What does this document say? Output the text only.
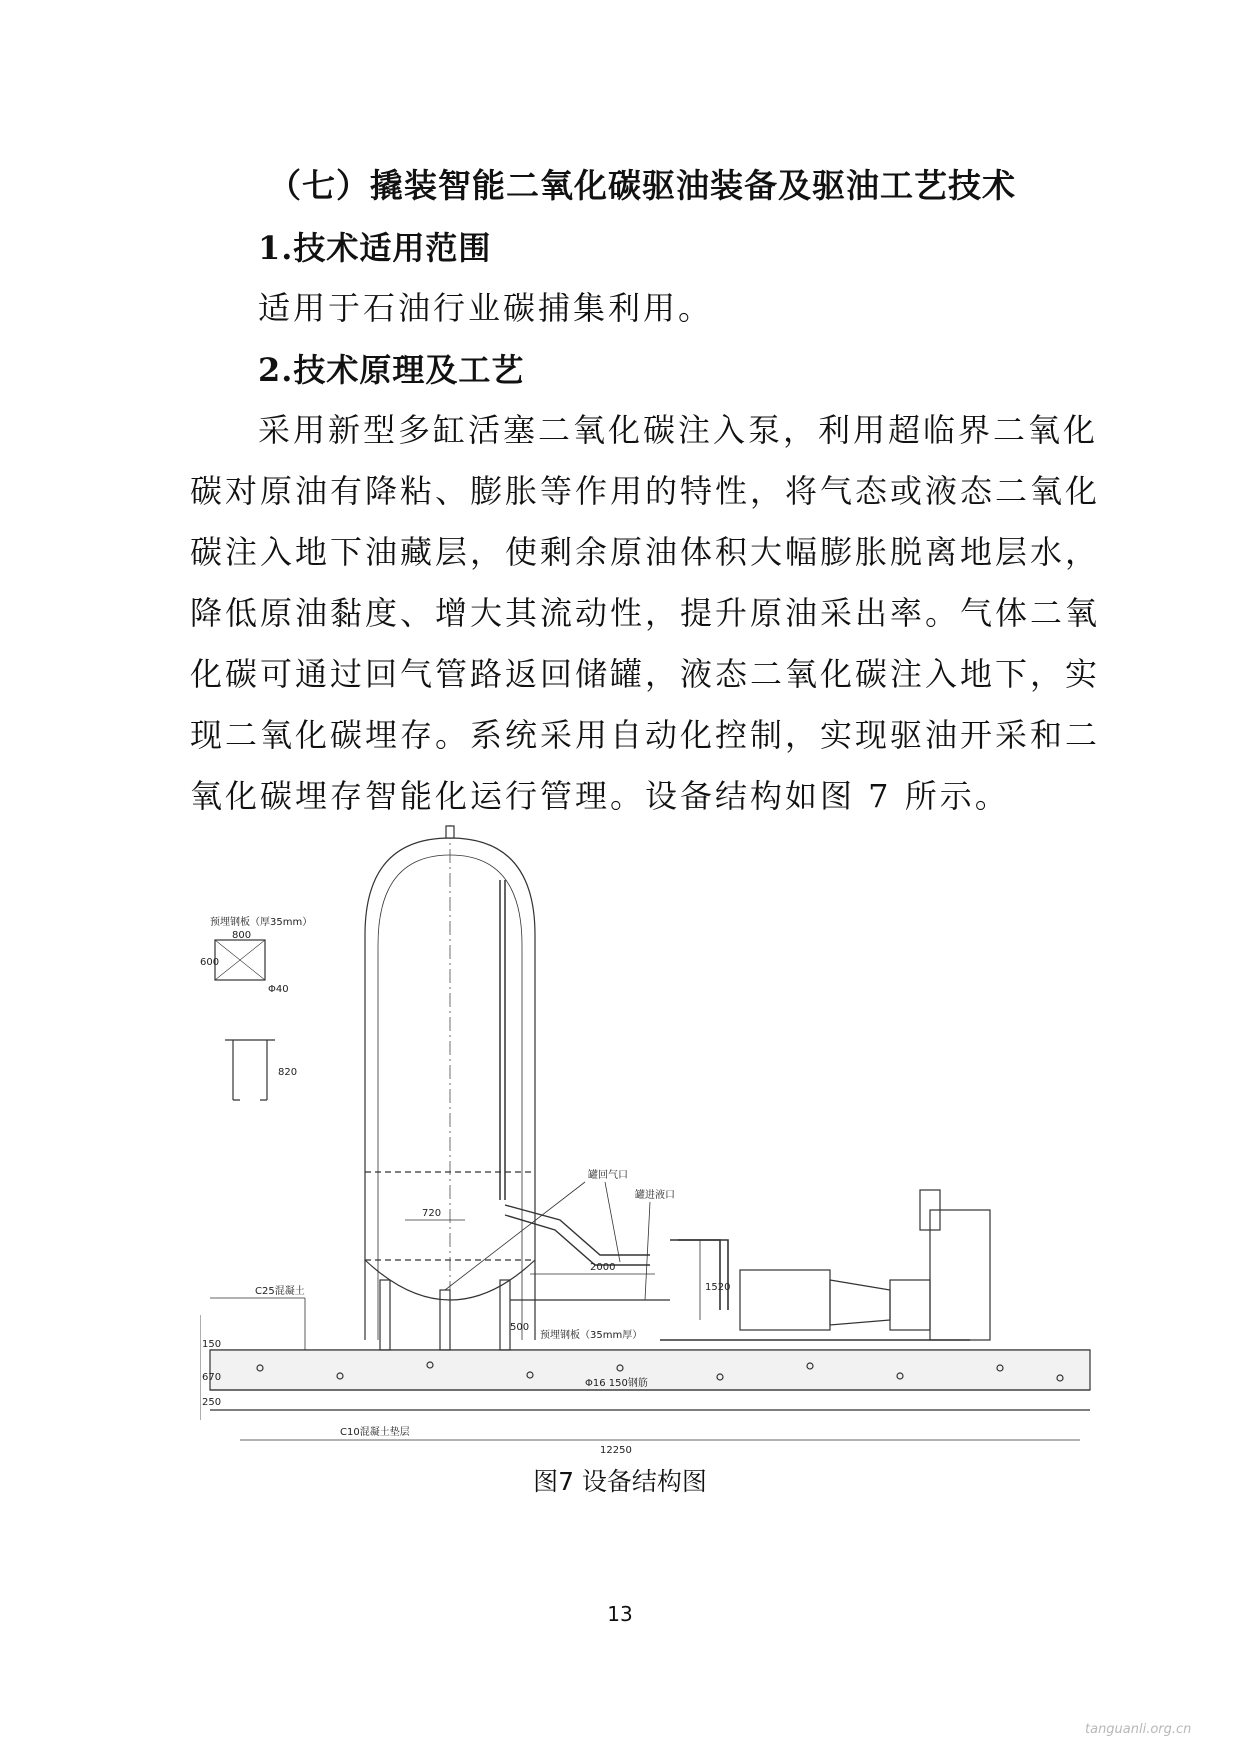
（七）撬装智能二氧化碳驱油装备及驱油工艺技术
1.技术适用范围
适用于石油行业碳捕集利用。
2.技术原理及工艺
采用新型多缸活塞二氧化碳注入泵，利用超临界二氧化
碳对原油有降粘、膨胀等作用的特性，将气态或液态二氧化
碳注入地下油藏层，使剩余原油体积大幅膨胀脱离地层水，
降低原油黏度、增大其流动性，提升原油采出率。气体二氧
化碳可通过回气管路返回储罐，液态二氧化碳注入地下，实
现二氧化碳埋存。系统采用自动化控制，实现驱油开采和二
氧化碳埋存智能化运行管理。设备结构如图 7 所示。
预埋钢板（厚35mm）
800
600
Φ40
820
罐回气口
罐进液口
720
2000
1520
500
C25混凝土
预埋钢板（35mm厚）
Φ16 150钢筋
150
670
250
C10混凝土垫层
12250
图7 设备结构图
13
tanguanli.org.cn
